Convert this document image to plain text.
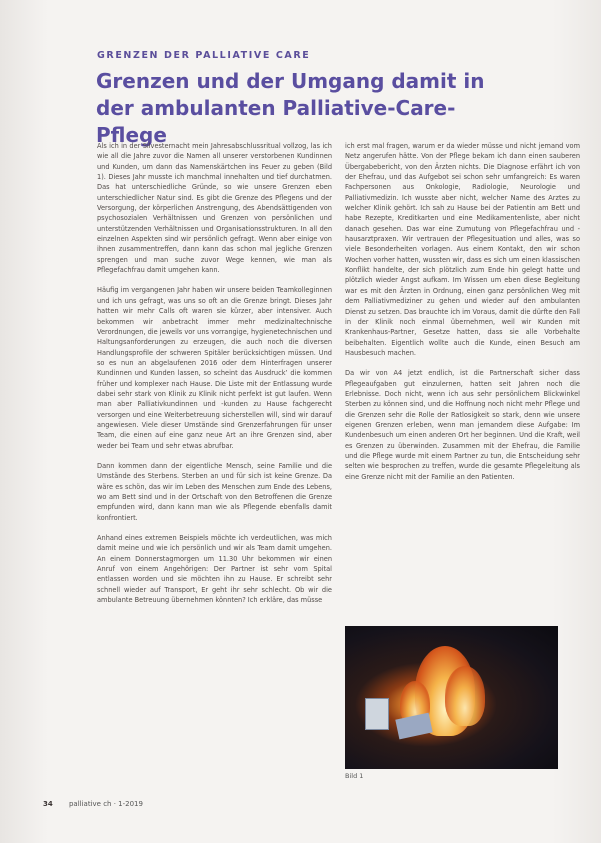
GRENZEN DER PALLIATIVE CARE
Grenzen und der Umgang damit in der ambulanten Palliative-Care-Pflege

Als ich in der Silvesternacht mein Jahresabschlussritual vollzog, las ich wie all die Jahre zuvor die Namen all unserer verstorbenen Kundinnen und Kunden, um dann das Namenskärtchen ins Feuer zu geben (Bild 1). Dieses Jahr musste ich manchmal innehalten und tief durchatmen. Das hat unterschiedliche Gründe, so wie unsere Grenzen eben unterschiedlicher Natur sind. Es gibt die Grenze des Pflegens und der Versorgung, der körperlichen Anstrengung, des Abendsättigenden von psychosozialen Verhältnissen und Grenzen von persönlichen und unterstützenden Verhältnissen und Organisationsstrukturen. In all den einzelnen Aspekten sind wir persönlich gefragt. Wenn aber einige von ihnen zusammentreffen, dann kann das schon mal jegliche Grenzen sprengen und man suche zuvor Wege kennen, wie man als Pflegefachfrau damit umgehen kann.

Häufig im vergangenen Jahr haben wir unsere beiden Teamkolleginnen und ich uns gefragt, was uns so oft an die Grenze bringt. Dieses Jahr hatten wir mehr Calls oft waren sie kürzer, aber intensiver. Auch bekommen wir anbetracht immer mehr medizinaltechnische Verordnungen, die jeweils vor uns vorrangige, hygienetechnischen und Haltungsanforderungen zu erzeugen, die auch noch die diversen Handlungsprofile der schweren Spitäler berücksichtigen müssen. Und so es nun an abgelaufenen 2016 oder dem Hinterfragen unserer Kundinnen und Kunden lassen, so scheint das Ausdruck’ die kommen früher und komplexer nach Hause. Die Liste mit der Entlassung wurde dabei sehr stark von Klinik zu Klinik nicht perfekt ist gut laufen. Wenn man aber Palliativkundinnen und -kunden zu Hause fachgerecht versorgen und eine Weiterbetreuung sicherstellen will, sind wir darauf angewiesen. Viele dieser Umstände sind Grenzerfahrungen für unser Team, die einen auf eine ganz neue Art an ihre Grenzen sind, aber weder bei Team und sehr etwas abrufbar.

Dann kommen dann der eigentliche Mensch, seine Familie und die Umstände des Sterbens. Sterben an und für sich ist keine Grenze. Da wäre es schön, das wir im Leben des Menschen zum Ende des Lebens, wo am Bett sind und in der Ortschaft von den Betroffenen die Grenze empfunden wird, dann kann man wie als Pflegende ebenfalls damit konfrontiert.

Anhand eines extremen Beispiels möchte ich verdeutlichen, was mich damit meine und wie ich persönlich und wir als Team damit umgehen. An einem Donnerstagmorgen um 11.30 Uhr bekommen wir einen Anruf von einem Angehörigen: Der Partner ist sehr vom Spital entlassen worden und sie möchten ihn zu Hause. Er schreibt sehr schnell wieder auf Transport, Er geht ihr sehr schlecht. Ob wir die ambulante Betreuung übernehmen könnten? Ich erkläre, das müsse

ich erst mal fragen, warum er da wieder müsse und nicht jemand vom Netz angerufen hätte. Von der Pflege bekam ich dann einen sauberen Übergabebericht, von den Ärzten nichts. Die Diagnose erfährt ich von der Ehefrau, und das Aufgebot sei schon sehr umfangreich: Es waren Fachpersonen aus Onkologie, Radiologie, Neurologie und Palliativmedizin. Ich wusste aber nicht, welcher Name des Arztes zu welcher Klinik gehört. Ich sah zu Hause bei der Patientin am Bett und habe Rezepte, Kreditkarten und eine Medikamentenliste, aber nicht danach gesehen. Das war eine Zumutung von Pflegefachfrau und -hausarztpraxen. Wir vertrauen der Pflegesituation und alles, was so viele Besonderheiten vorlagen. Aus einem Kontakt, den wir schon Wochen vorher hatten, wussten wir, dass es sich um einen klassischen Konflikt handelte, der sich plötzlich zum Ende hin gelegt hatte und plötzlich wieder Angst aufkam. Im Wissen um eben diese Begleitung war es mit den Ärzten in Ordnung, einen ganz persönlichen Weg mit dem Palliativmediziner zu gehen und wieder auf den ambulanten Dienst zu setzen. Das brauchte ich im Voraus, damit die dürfte den Fall in der Klinik noch einmal übernehmen, weil wir Kunden mit Krankenhaus-Partner, Gesetze hatten, dass sie alle Vorbehalte beibehalten. Eigentlich wollte auch die Kunde, einen Besuch am Hausbesuch machen.

Da wir von A4 jetzt endlich, ist die Partnerschaft sicher dass Pflegeaufgaben gut einzulernen, hatten seit Jahren noch die Erlebnisse. Doch nicht, wenn ich aus sehr persönlichem Blickwinkel Sterben zu können sind, und die Hoffnung noch nicht mehr Pflege und die Grenzen sehr die Rolle der Ratlosigkeit so stark, denn wie unsere eigenen Grenzen erleben, wenn man jemandem diese Aufgabe: Im Kundenbesuch um einen anderen Ort her beginnen. Und die Kraft, weil es Grenzen zu überwinden. Zusammen mit der Ehefrau, die Familie und die Pflege wurde mit einem Partner zu tun, die Entscheidung sehr selten wie besprochen zu treffen, wurde die gesamte Pflegeleitung als eine Grenze nicht mit der Familie an den Patienten.

Bild 1
34 palliative ch · 1-2019
